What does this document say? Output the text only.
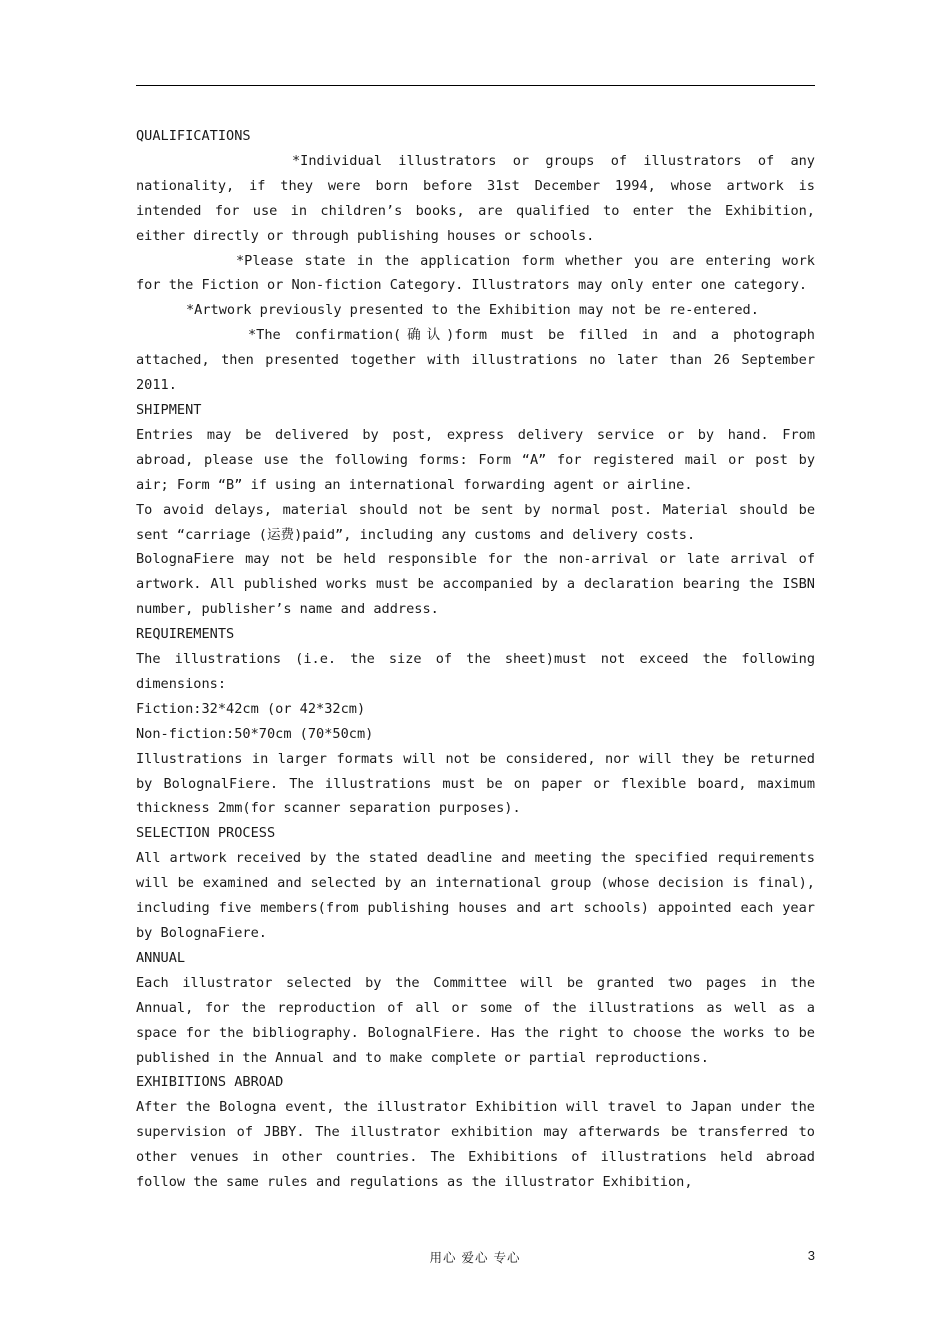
QUALIFICATIONS
*Individual illustrators or groups of illustrators of any nationality, if they were born before 31st December 1994, whose artwork is intended for use in children’s books, are qualified to enter the Exhibition, either directly or through publishing houses or schools.
*Please state in the application form whether you are entering work for the Fiction or Non-fiction Category. Illustrators may only enter one category.
*Artwork previously presented to the Exhibition may not be re-entered.
*The confirmation(确认)form must be filled in and a photograph attached, then presented together with illustrations no later than 26 September 2011.
SHIPMENT
Entries may be delivered by post, express delivery service or by hand. From abroad, please use the following forms: Form “A” for registered mail or post by air; Form “B” if using an international forwarding agent or airline.
To avoid delays, material should not be sent by normal post. Material should be sent “carriage (运费)paid”, including any customs and delivery costs.
BolognaFiere may not be held responsible for the non-arrival or late arrival of artwork. All published works must be accompanied by a declaration bearing the ISBN number, publisher’s name and address.
REQUIREMENTS
The illustrations (i.e. the size of the sheet)must not exceed the following dimensions:
Fiction:32*42cm (or 42*32cm)
Non-fiction:50*70cm (70*50cm)
Illustrations in larger formats will not be considered, nor will they be returned by BolognalFiere. The illustrations must be on paper or flexible board, maximum thickness 2mm(for scanner separation purposes).
SELECTION PROCESS
All artwork received by the stated deadline and meeting the specified requirements will be examined and selected by an international group (whose decision is final), including five members(from publishing houses and art schools) appointed each year by BolognaFiere.
ANNUAL
Each illustrator selected by the Committee will be granted two pages in the Annual, for the reproduction of all or some of the illustrations as well as a space for the bibliography. BolognalFiere. Has the right to choose the works to be published in the Annual and to make complete or partial reproductions.
EXHIBITIONS ABROAD
After the Bologna event, the illustrator Exhibition will travel to Japan under the supervision of JBBY. The illustrator exhibition may afterwards be transferred to other venues in other countries. The Exhibitions of illustrations held abroad follow the same rules and regulations as the illustrator Exhibition,
用心 爱心 专心	3
